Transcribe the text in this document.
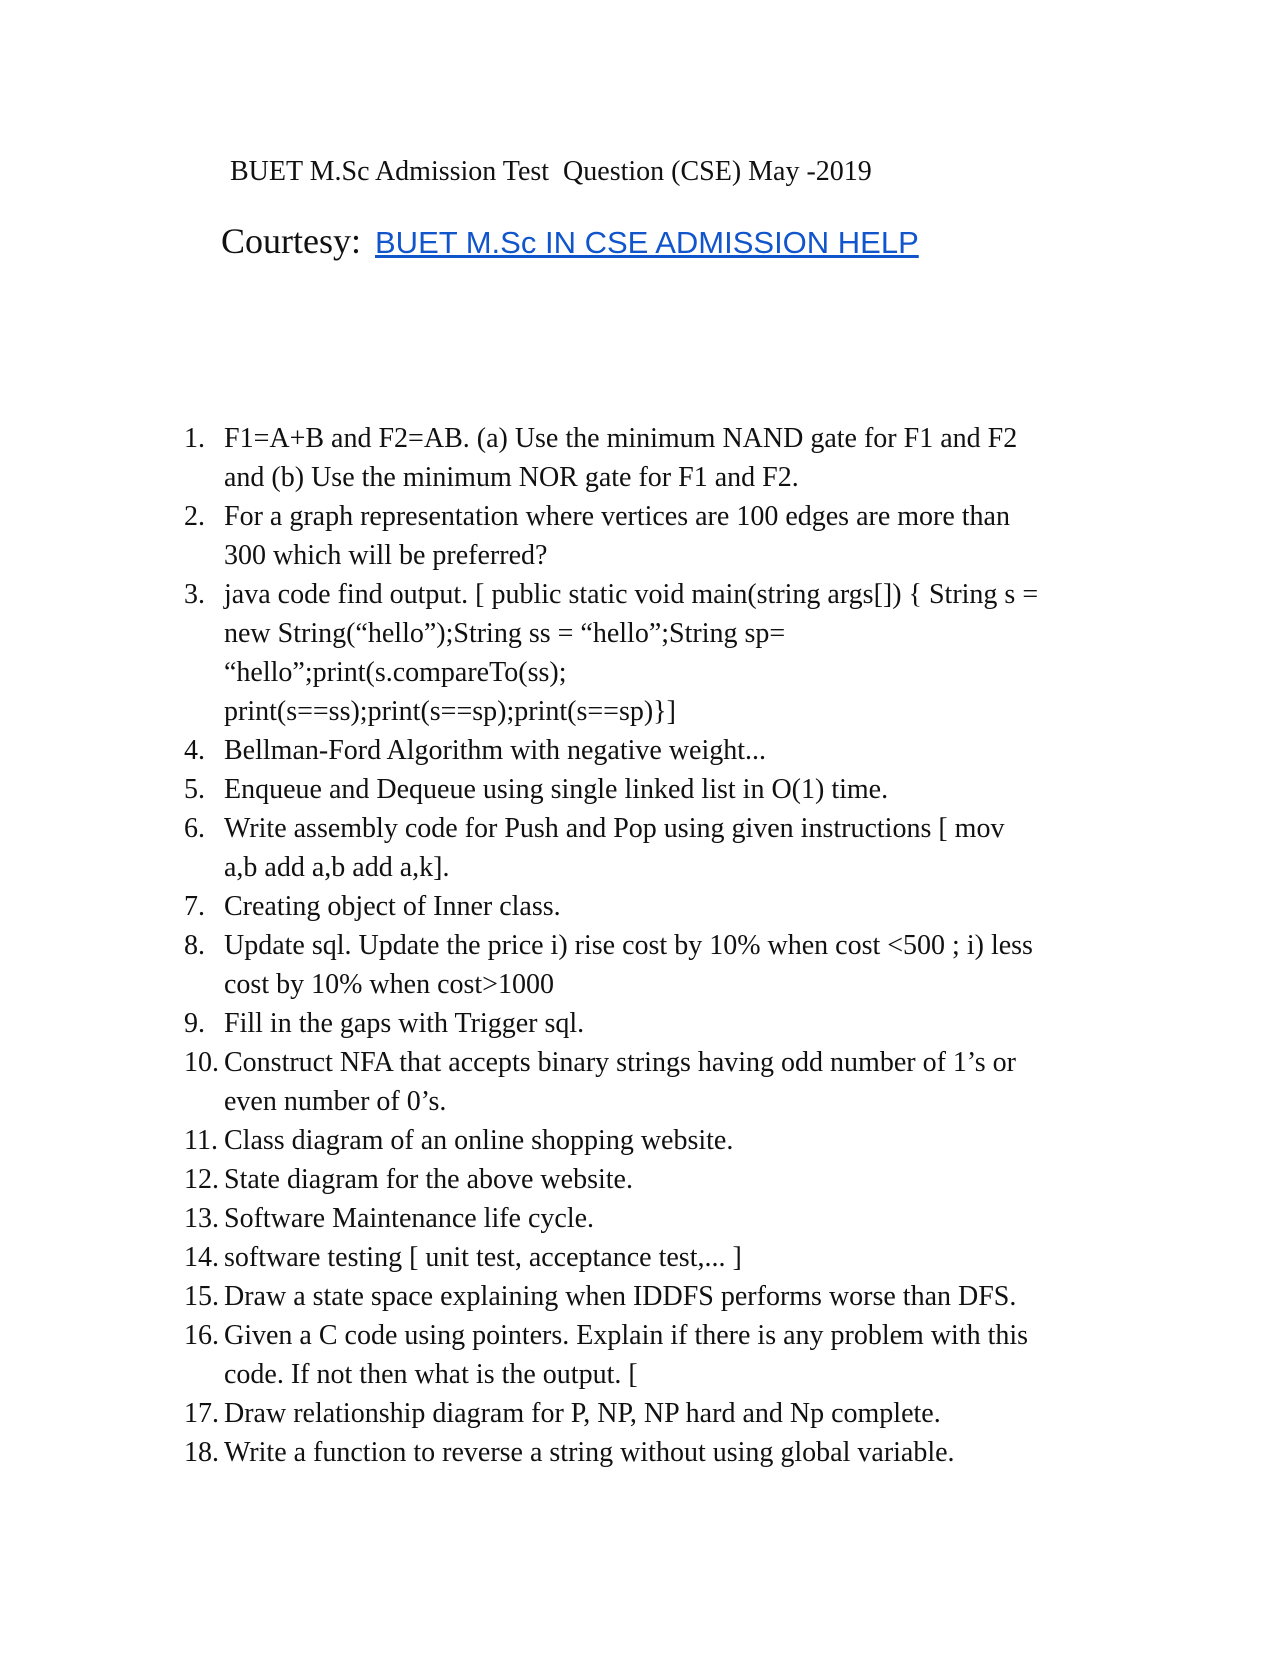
BUET M.Sc Admission Test  Question (CSE) May -2019
Courtesy: BUET M.Sc IN CSE ADMISSION HELP
1. F1=A+B and F2=AB. (a) Use the minimum NAND gate for F1 and F2
and (b) Use the minimum NOR gate for F1 and F2.
2. For a graph representation where vertices are 100 edges are more than
300 which will be preferred?
3. java code find output. [ public static void main(string args[]) { String s =
new String(“hello”);String ss = “hello”;String sp=
“hello”;print(s.compareTo(ss);
print(s==ss);print(s==sp);print(s==sp)}]
4. Bellman-Ford Algorithm with negative weight...
5. Enqueue and Dequeue using single linked list in O(1) time.
6. Write assembly code for Push and Pop using given instructions [ mov
a,b add a,b add a,k].
7. Creating object of Inner class.
8. Update sql. Update the price i) rise cost by 10% when cost <500 ; i) less
cost by 10% when cost>1000
9. Fill in the gaps with Trigger sql.
10. Construct NFA that accepts binary strings having odd number of 1’s or
even number of 0’s.
11. Class diagram of an online shopping website.
12. State diagram for the above website.
13. Software Maintenance life cycle.
14. software testing [ unit test, acceptance test,... ]
15. Draw a state space explaining when IDDFS performs worse than DFS.
16. Given a C code using pointers. Explain if there is any problem with this
code. If not then what is the output. [
17. Draw relationship diagram for P, NP, NP hard and Np complete.
18. Write a function to reverse a string without using global variable.
